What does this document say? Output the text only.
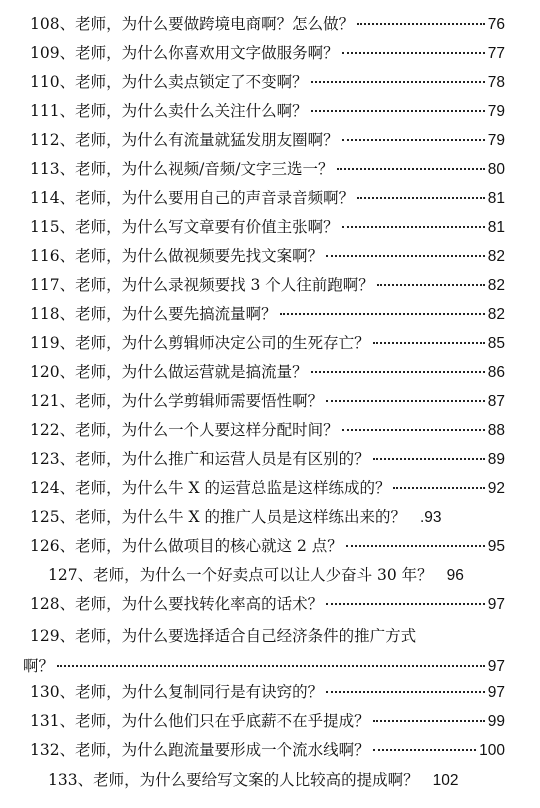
108、老师，为什么要做跨境电商啊？怎么做？	76
109、老师，为什么你喜欢用文字做服务啊？	77
110、老师，为什么卖点锁定了不变啊？	78
111、老师，为什么卖什么关注什么啊？	79
112、老师，为什么有流量就猛发朋友圈啊？	79
113、老师，为什么视频/音频/文字三选一？	80
114、老师，为什么要用自己的声音录音频啊？	81
115、老师，为什么写文章要有价值主张啊？	81
116、老师，为什么做视频要先找文案啊？	82
117、老师，为什么录视频要找 3 个人往前跑啊？	82
118、老师，为什么要先搞流量啊？	82
119、老师，为什么剪辑师决定公司的生死存亡？	85
120、老师，为什么做运营就是搞流量？	86
121、老师，为什么学剪辑师需要悟性啊？	87
122、老师，为什么一个人要这样分配时间？	88
123、老师，为什么推广和运营人员是有区别的？	89
124、老师，为什么牛 X 的运营总监是这样练成的？	92
125、老师，为什么牛 X 的推广人员是这样练出来的？ .93
126、老师，为什么做项目的核心就这 2 点？	95
127、老师，为什么一个好卖点可以让人少奋斗 30 年？ 96
128、老师，为什么要找转化率高的话术？	97
129、老师，为什么要选择适合自己经济条件的推广方式
啊？	97
130、老师，为什么复制同行是有诀窍的？	97
131、老师，为什么他们只在乎底薪不在乎提成？	99
132、老师，为什么跑流量要形成一个流水线啊？	100
133、老师，为什么要给写文案的人比较高的提成啊？ 102
